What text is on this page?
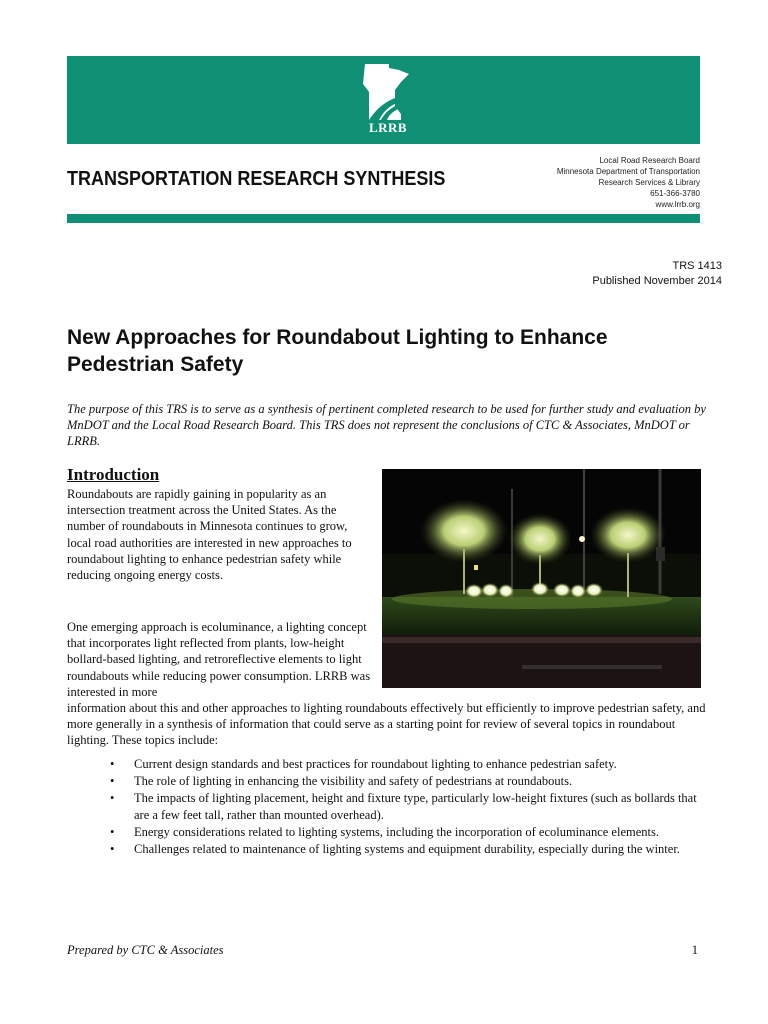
LRRB
TRANSPORTATION RESEARCH SYNTHESIS
Local Road Research Board
Minnesota Department of Transportation
Research Services & Library
651-366-3780
www.lrrb.org
TRS 1413
Published November 2014
New Approaches for Roundabout Lighting to Enhance Pedestrian Safety

The purpose of this TRS is to serve as a synthesis of pertinent completed research to be used for further study and evaluation by MnDOT and the Local Road Research Board. This TRS does not represent the conclusions of CTC & Associates, MnDOT or LRRB.

Introduction

Roundabouts are rapidly gaining in popularity as an intersection treatment across the United States. As the number of roundabouts in Minnesota continues to grow, local road authorities are interested in new approaches to roundabout lighting to enhance pedestrian safety while reducing ongoing energy costs.

One emerging approach is ecoluminance, a lighting concept that incorporates light reflected from plants, low-height bollard-based lighting, and retroreflective elements to light roundabouts while reducing power consumption. LRRB was interested in more

information about this and other approaches to lighting roundabouts effectively but efficiently to improve pedestrian safety, and more generally in a synthesis of information that could serve as a starting point for review of several topics in roundabout lighting. These topics include:

• Current design standards and best practices for roundabout lighting to enhance pedestrian safety.
• The role of lighting in enhancing the visibility and safety of pedestrians at roundabouts.
• The impacts of lighting placement, height and fixture type, particularly low-height fixtures (such as bollards that are a few feet tall, rather than mounted overhead).
• Energy considerations related to lighting systems, including the incorporation of ecoluminance elements.
• Challenges related to maintenance of lighting systems and equipment durability, especially during the winter.
Prepared by CTC & Associates	1
